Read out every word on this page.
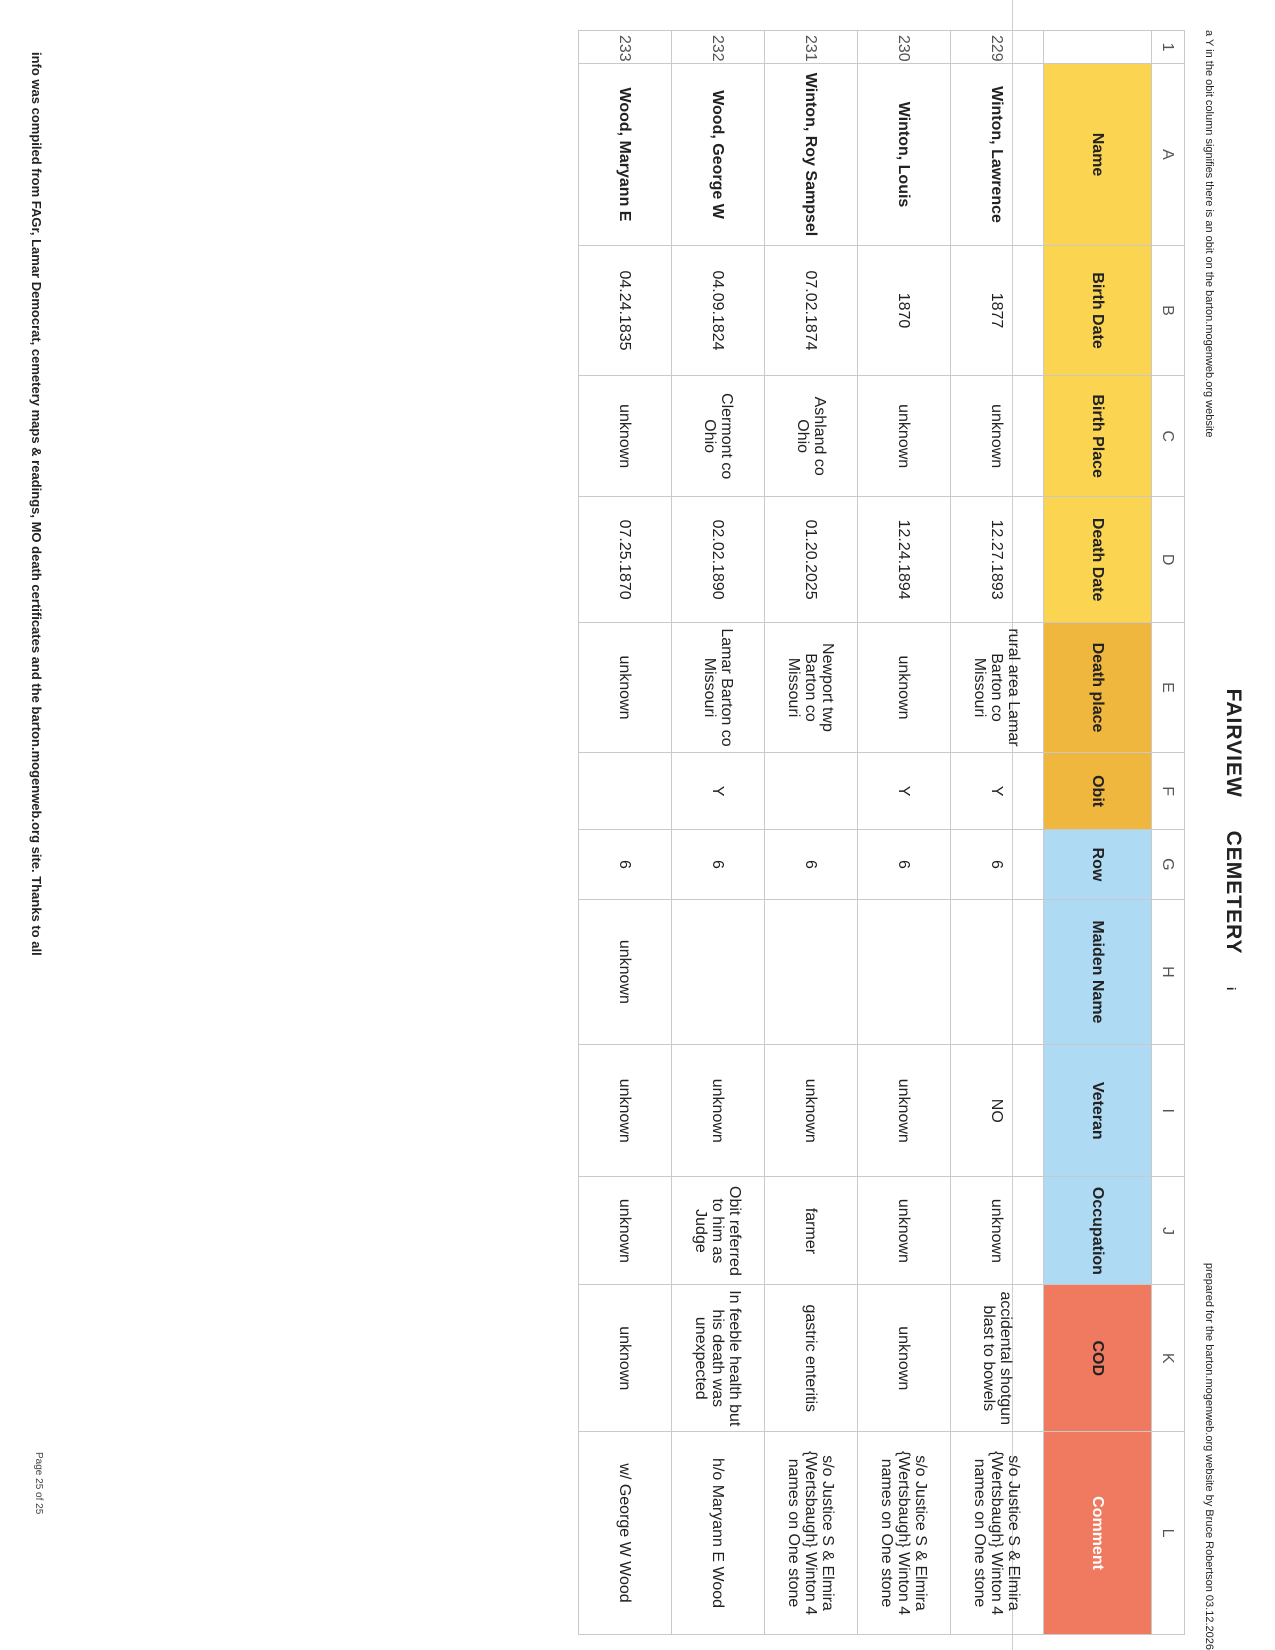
FAIRVIEW CEMETERY i
a Y in the obit column signifies there is an obit on the barton.mogenweb.org website
prepared for the barton.mogenweb.org website by Bruce Robertson 03.12.2026
1	A	B	C	D	E	F	G	H	I	J	K	L
	Name	Birth Date	Birth Place	Death Date	Death place	Obit	Row	Maiden Name	Veteran	Occupation	COD	Comment
229	Winton, Lawrence	1877	unknown	12.27.1893	rural area Lamar Barton co Missouri	Y	6		NO	unknown	accidental shotgun blast to bowels	s/o Justice S & Elmira {Wertsbaugh} Winton 4 names on One stone
230	Winton, Louis	1870	unknown	12.24.1894	unknown	Y	6		unknown	unknown	unknown	s/o Justice S & Elmira {Wertsbaugh} Winton 4 names on One stone
231	Winton, Roy Sampsel	07.02.1874	Ashland co Ohio	01.20.2025	Newport twp Barton co Missouri		6		unknown	farmer	gastric enteritis	s/o Justice S & Elmira {Wertsbaugh} Winton 4 names on One stone
232	Wood, George W	04.09.1824	Clermont co Ohio	02.02.1890	Lamar Barton co Missouri	Y	6		unknown	Obit referred to him as Judge	In feeble health but his death was unexpected	h/o Maryann E Wood
233	Wood, Maryann E	04.24.1835	unknown	07.25.1870	unknown		6	unknown	unknown	unknown	unknown	w/ George W Wood
info was compiled from FAGr, Lamar Democrat, cemetery maps & readings, MO death certificates and the barton.mogenweb.org site. Thanks to all
Page 25 of 25
